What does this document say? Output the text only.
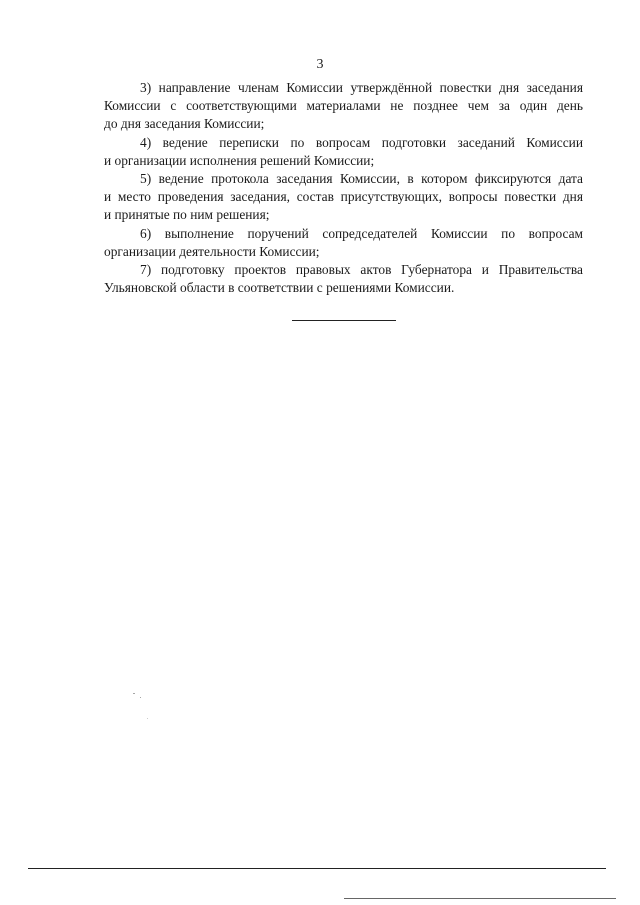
3
3) направление членам Комиссии утверждённой повестки дня заседания
Комиссии с соответствующими материалами не позднее чем за один день
до дня заседания Комиссии;
4) ведение переписки по вопросам подготовки заседаний Комиссии
и организации исполнения решений Комиссии;
5) ведение протокола заседания Комиссии, в котором фиксируются дата
и место проведения заседания, состав присутствующих, вопросы повестки дня
и принятые по ним решения;
6) выполнение поручений сопредседателей Комиссии по вопросам
организации деятельности Комиссии;
7) подготовку проектов правовых актов Губернатора и Правительства
Ульяновской области в соответствии с решениями Комиссии.
